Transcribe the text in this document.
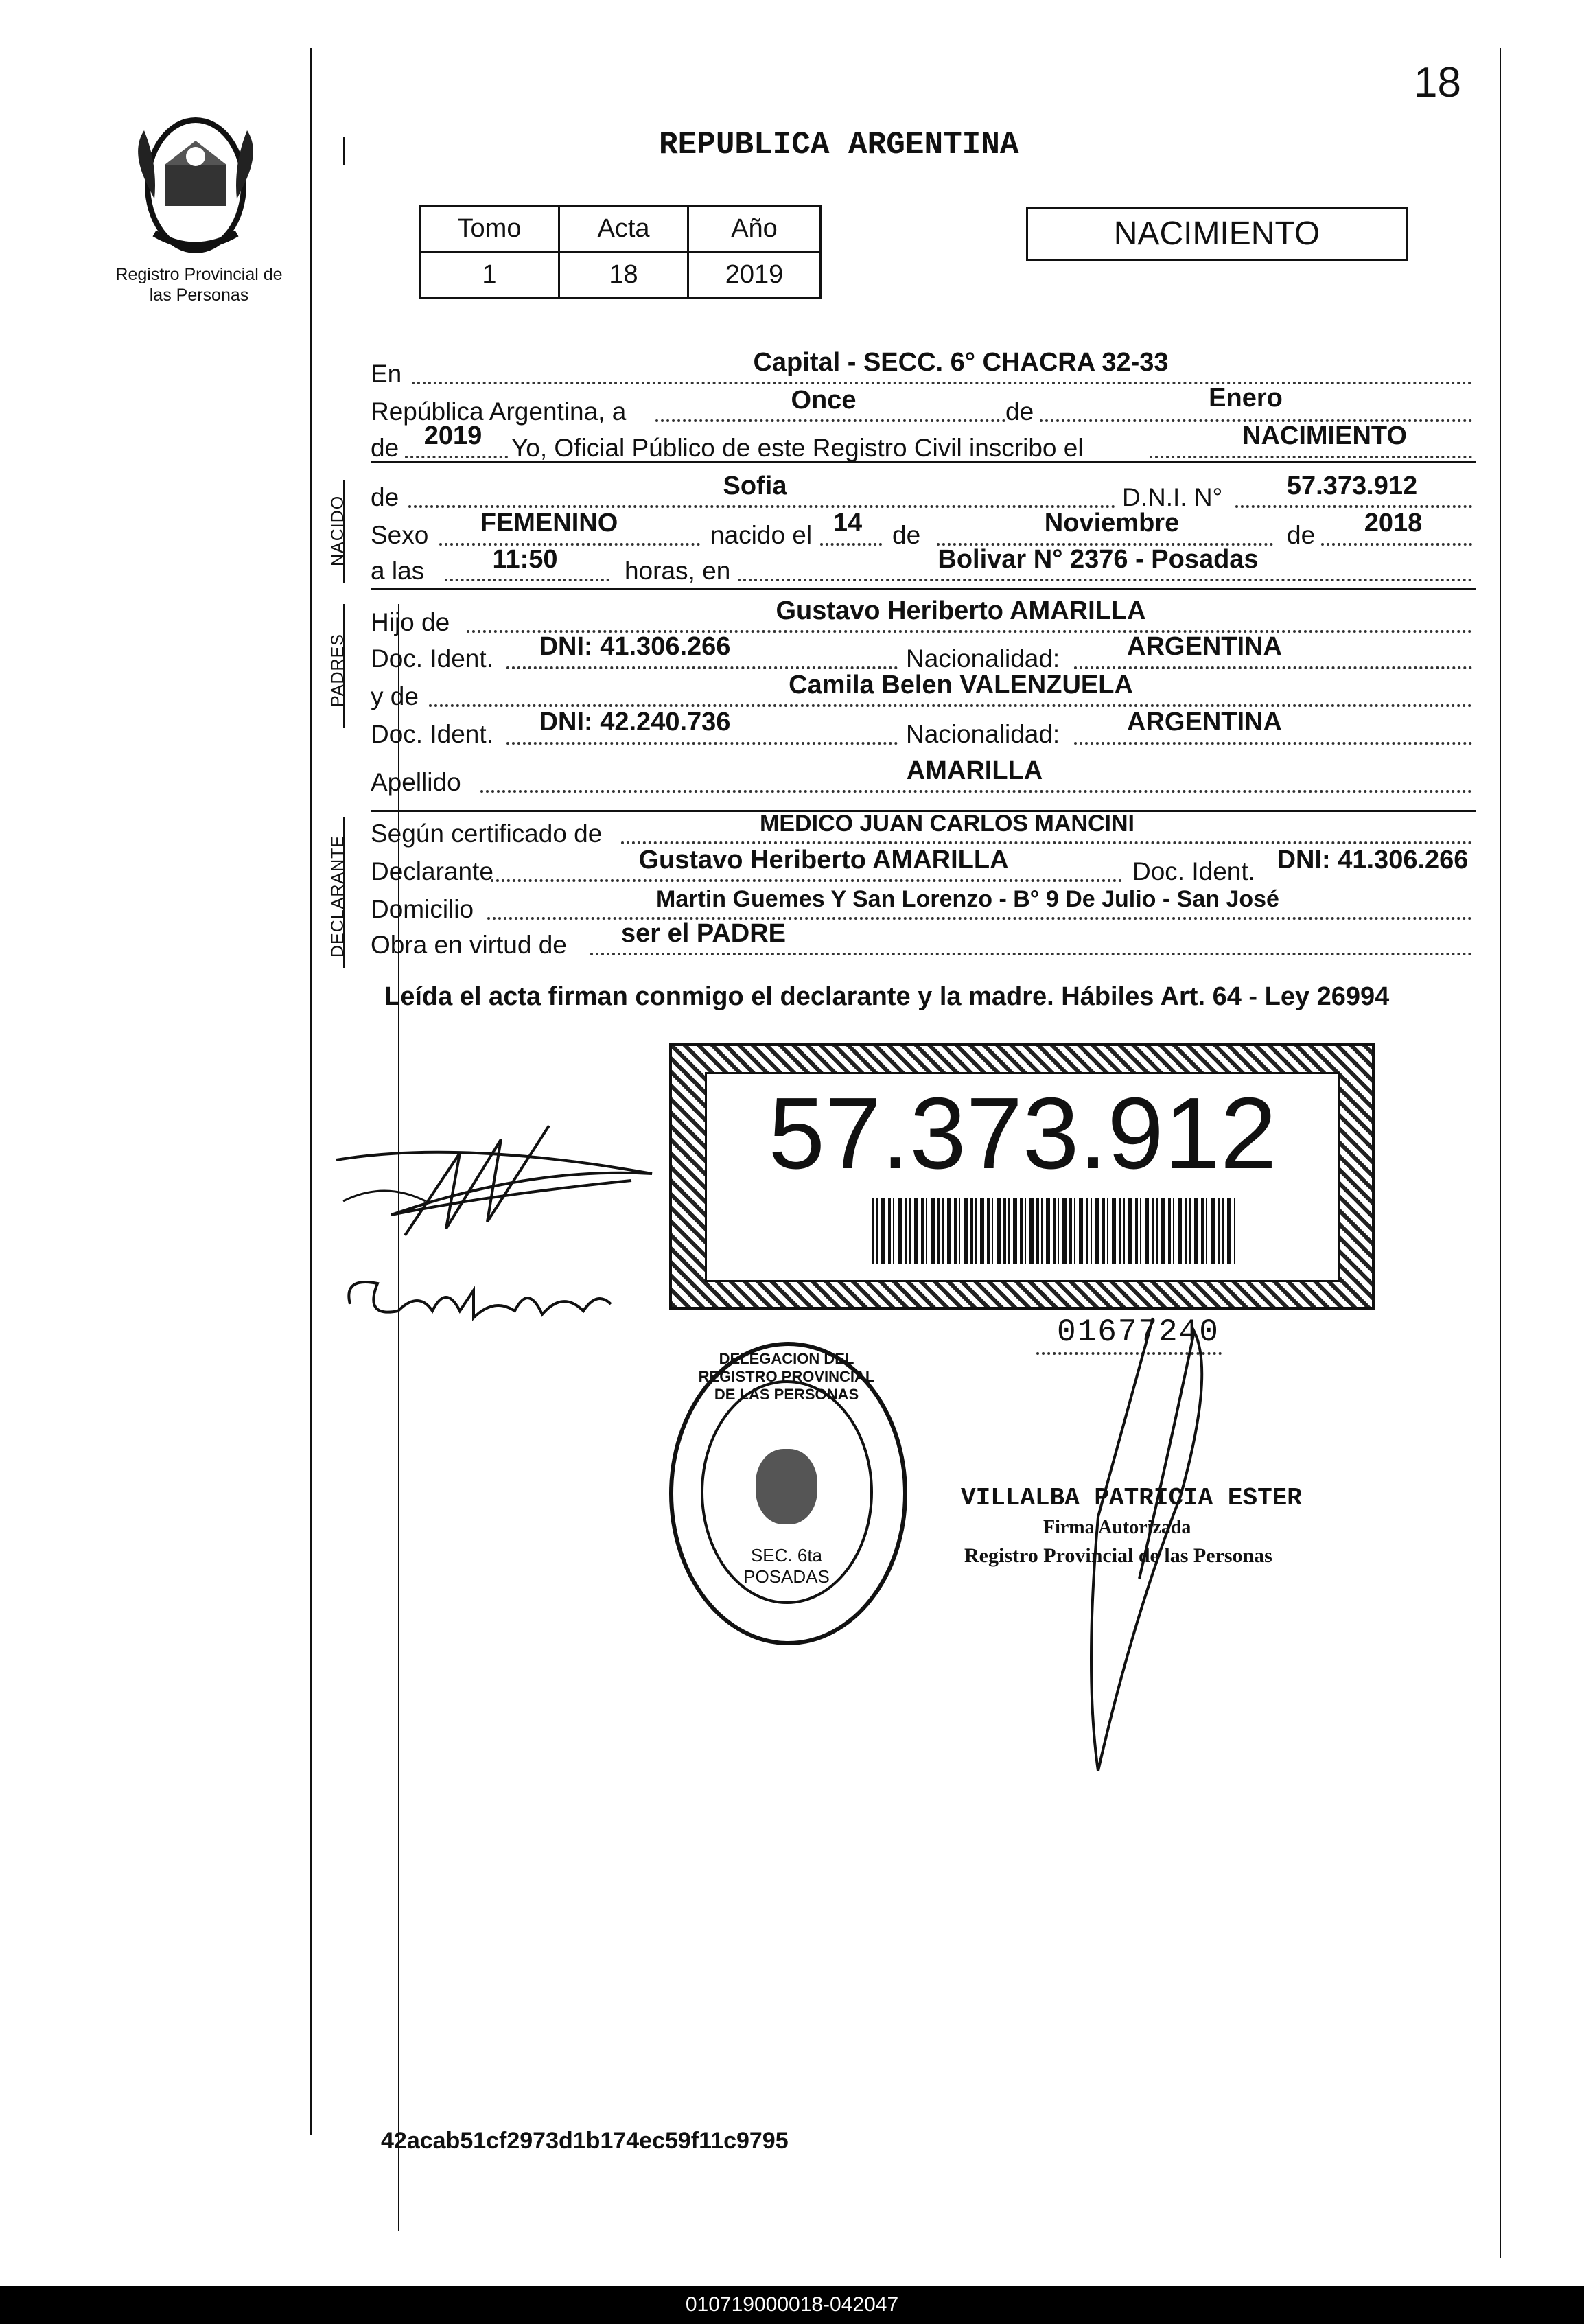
Registro Provincial de las Personas
18
REPUBLICA ARGENTINA
Tomo	Acta	Año
1	18	2019
NACIMIENTO
NACIDO
PADRES
DECLARANTE
En	Capital - SECC. 6° CHACRA 32-33
República Argentina, a	Once	de	Enero
de 2019	Yo, Oficial Público de este Registro Civil inscribo el	NACIMIENTO
de	Sofia	D.N.I. N°	57.373.912
Sexo	FEMENINO	nacido el 14	de	Noviembre	de	2018
a las	11:50	horas, en	Bolivar N° 2376 - Posadas
Hijo de	Gustavo Heriberto AMARILLA
Doc. Ident.	DNI: 41.306.266	Nacionalidad:	ARGENTINA
y de	Camila Belen VALENZUELA
Doc. Ident.	DNI: 42.240.736	Nacionalidad:	ARGENTINA
Apellido	AMARILLA
Según certificado de	MEDICO JUAN CARLOS MANCINI
Declarante	Gustavo Heriberto AMARILLA	Doc. Ident. DNI: 41.306.266
Domicilio	Martin Guemes Y San Lorenzo - B° 9 De Julio - San José
Obra en virtud de ser el PADRE
Leída el acta firman conmigo el declarante y la madre. Hábiles Art. 64 - Ley 26994
57.373.912
01677240
DELEGACION DEL REGISTRO PROVINCIAL DE LAS PERSONAS
SEC. 6ta POSADAS
VILLALBA PATRICIA ESTER
Firma Autorizada
Registro Provincial de las Personas
42acab51cf2973d1b174ec59f11c9795
010719000018-042047
